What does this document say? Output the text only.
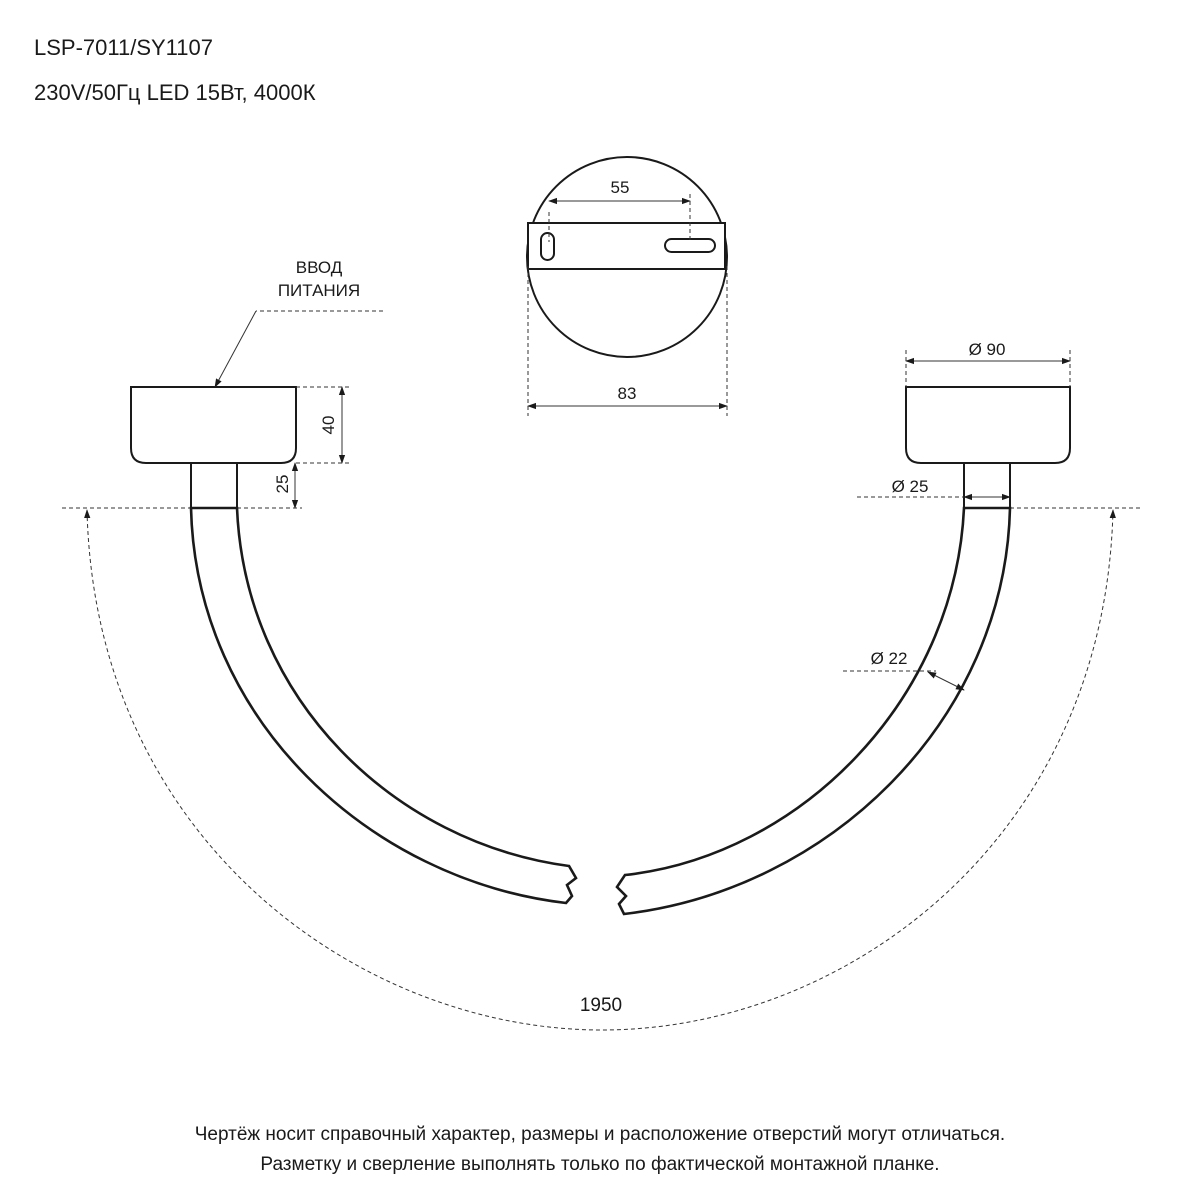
LSP-7011/SY1107
230V/50Гц LED 15Вт, 4000К
55
83
ВВОД
ПИТАНИЯ
40
25
Ø 90
Ø 25
Ø 22
1950
Чертёж носит справочный характер, размеры и расположение отверстий могут отличаться.
Разметку и сверление выполнять только по фактической монтажной планке.
